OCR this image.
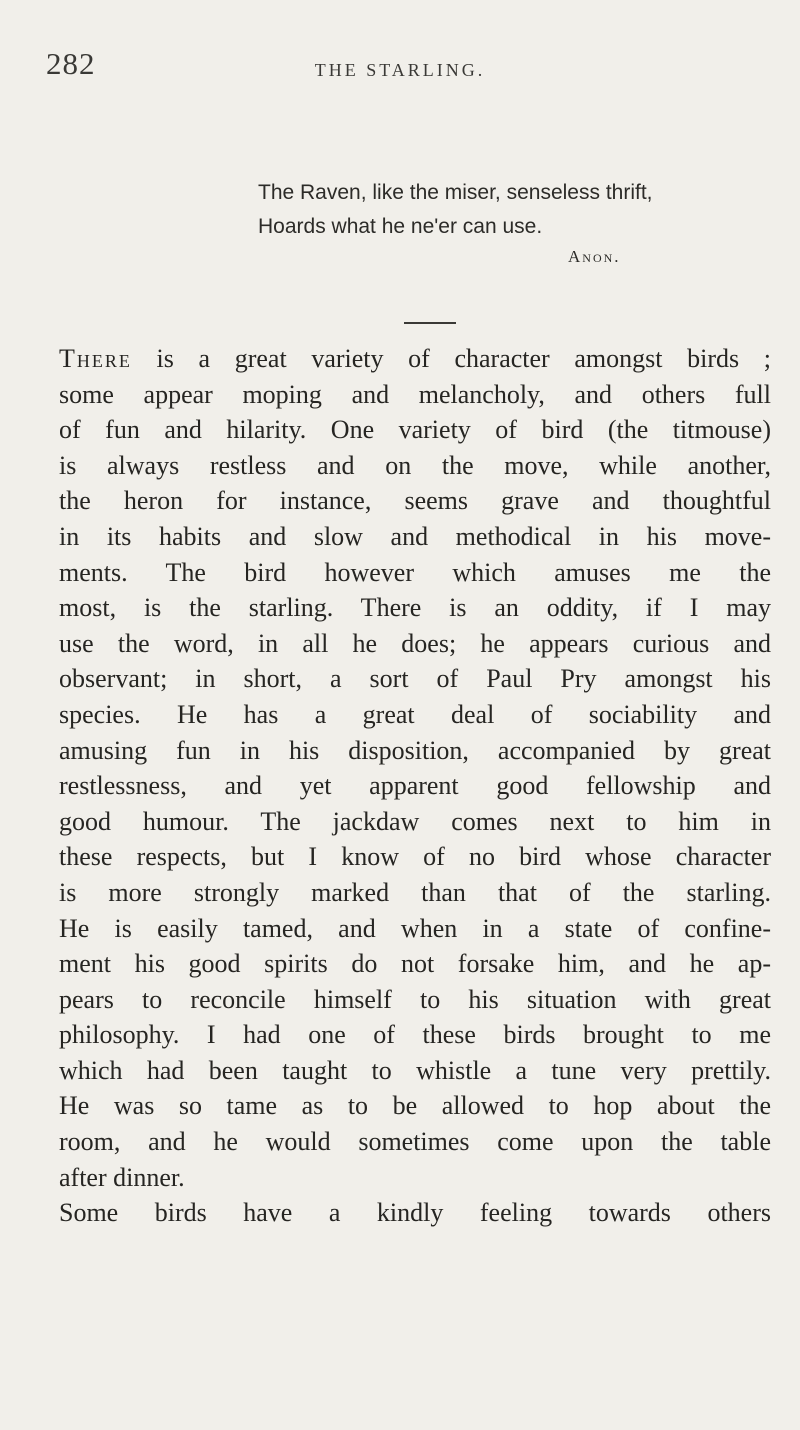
282	THE STARLING.
The Raven, like the miser, senseless thrift,
Hoards what he ne'er can use.
Anon.
There is a great variety of character amongst birds ;
some appear moping and melancholy, and others full
of fun and hilarity. One variety of bird (the titmouse)
is always restless and on the move, while another,
the heron for instance, seems grave and thoughtful
in its habits and slow and methodical in his move-
ments. The bird however which amuses me the
most, is the starling. There is an oddity, if I may
use the word, in all he does; he appears curious and
observant; in short, a sort of Paul Pry amongst his
species. He has a great deal of sociability and
amusing fun in his disposition, accompanied by great
restlessness, and yet apparent good fellowship and
good humour. The jackdaw comes next to him in
these respects, but I know of no bird whose character
is more strongly marked than that of the starling.
He is easily tamed, and when in a state of confine-
ment his good spirits do not forsake him, and he ap-
pears to reconcile himself to his situation with great
philosophy. I had one of these birds brought to me
which had been taught to whistle a tune very prettily.
He was so tame as to be allowed to hop about the
room, and he would sometimes come upon the table
after dinner.
Some birds have a kindly feeling towards others
